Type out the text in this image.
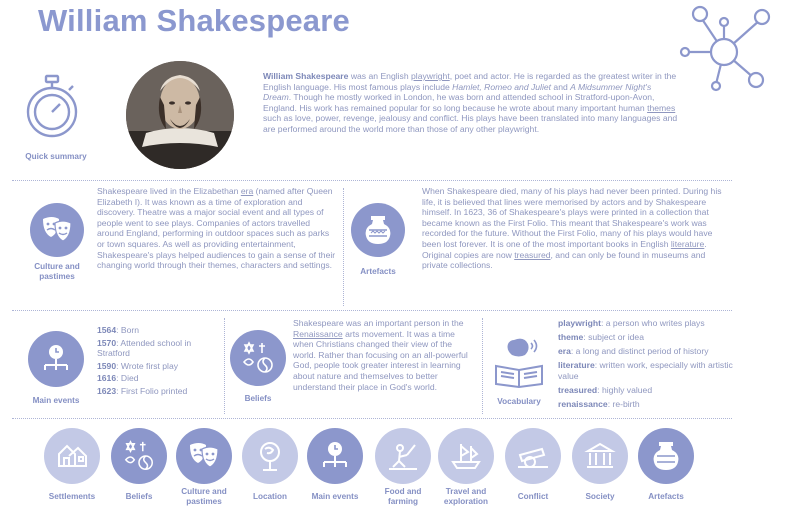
William Shakespeare
Quick summary
William Shakespeare was an English playwright, poet and actor. He is regarded as the greatest writer in the English language. His most famous plays include Hamlet, Romeo and Juliet and A Midsummer Night's Dream. Though he mostly worked in London, he was born and attended school in Stratford-upon-Avon, England. His work has remained popular for so long because he wrote about many important human themes such as love, power, revenge, jealousy and conflict. His plays have been translated into many languages and are performed around the world more than those of any other playwright.
Culture and pastimes
Shakespeare lived in the Elizabethan era (named after Queen Elizabeth I). It was known as a time of exploration and discovery. Theatre was a major social event and all types of people went to see plays. Companies of actors travelled around England, performing in outdoor spaces such as parks or town squares. As well as providing entertainment, Shakespeare's plays helped audiences to gain a sense of their changing world through their themes, characters and settings.
Artefacts
When Shakespeare died, many of his plays had never been printed. During his life, it is believed that lines were memorised by actors and by Shakespeare himself. In 1623, 36 of Shakespeare's plays were printed in a collection that became known as the First Folio. This meant that Shakespeare's work was recorded for the future. Without the First Folio, many of his plays would have been lost forever. It is one of the most important books in English literature. Original copies are now treasured, and can only be found in museums and private collections.
Main events
1564: Born
1570: Attended school in Stratford
1590: Wrote first play
1616: Died
1623: First Folio printed
Beliefs
Shakespeare was an important person in the Renaissance arts movement. It was a time when Christians changed their view of the world. Rather than focusing on an all-powerful God, people took greater interest in learning about nature and themselves to better understand their place in God's world.
Vocabulary
playwright: a person who writes plays
theme: subject or idea
era: a long and distinct period of history
literature: written work, especially with artistic value
treasured: highly valued
renaissance: re-birth
Settlements	Beliefs
Culture and pastimes
Location	Main events
Food and farming
Travel and exploration
Conflict	Society	Artefacts
